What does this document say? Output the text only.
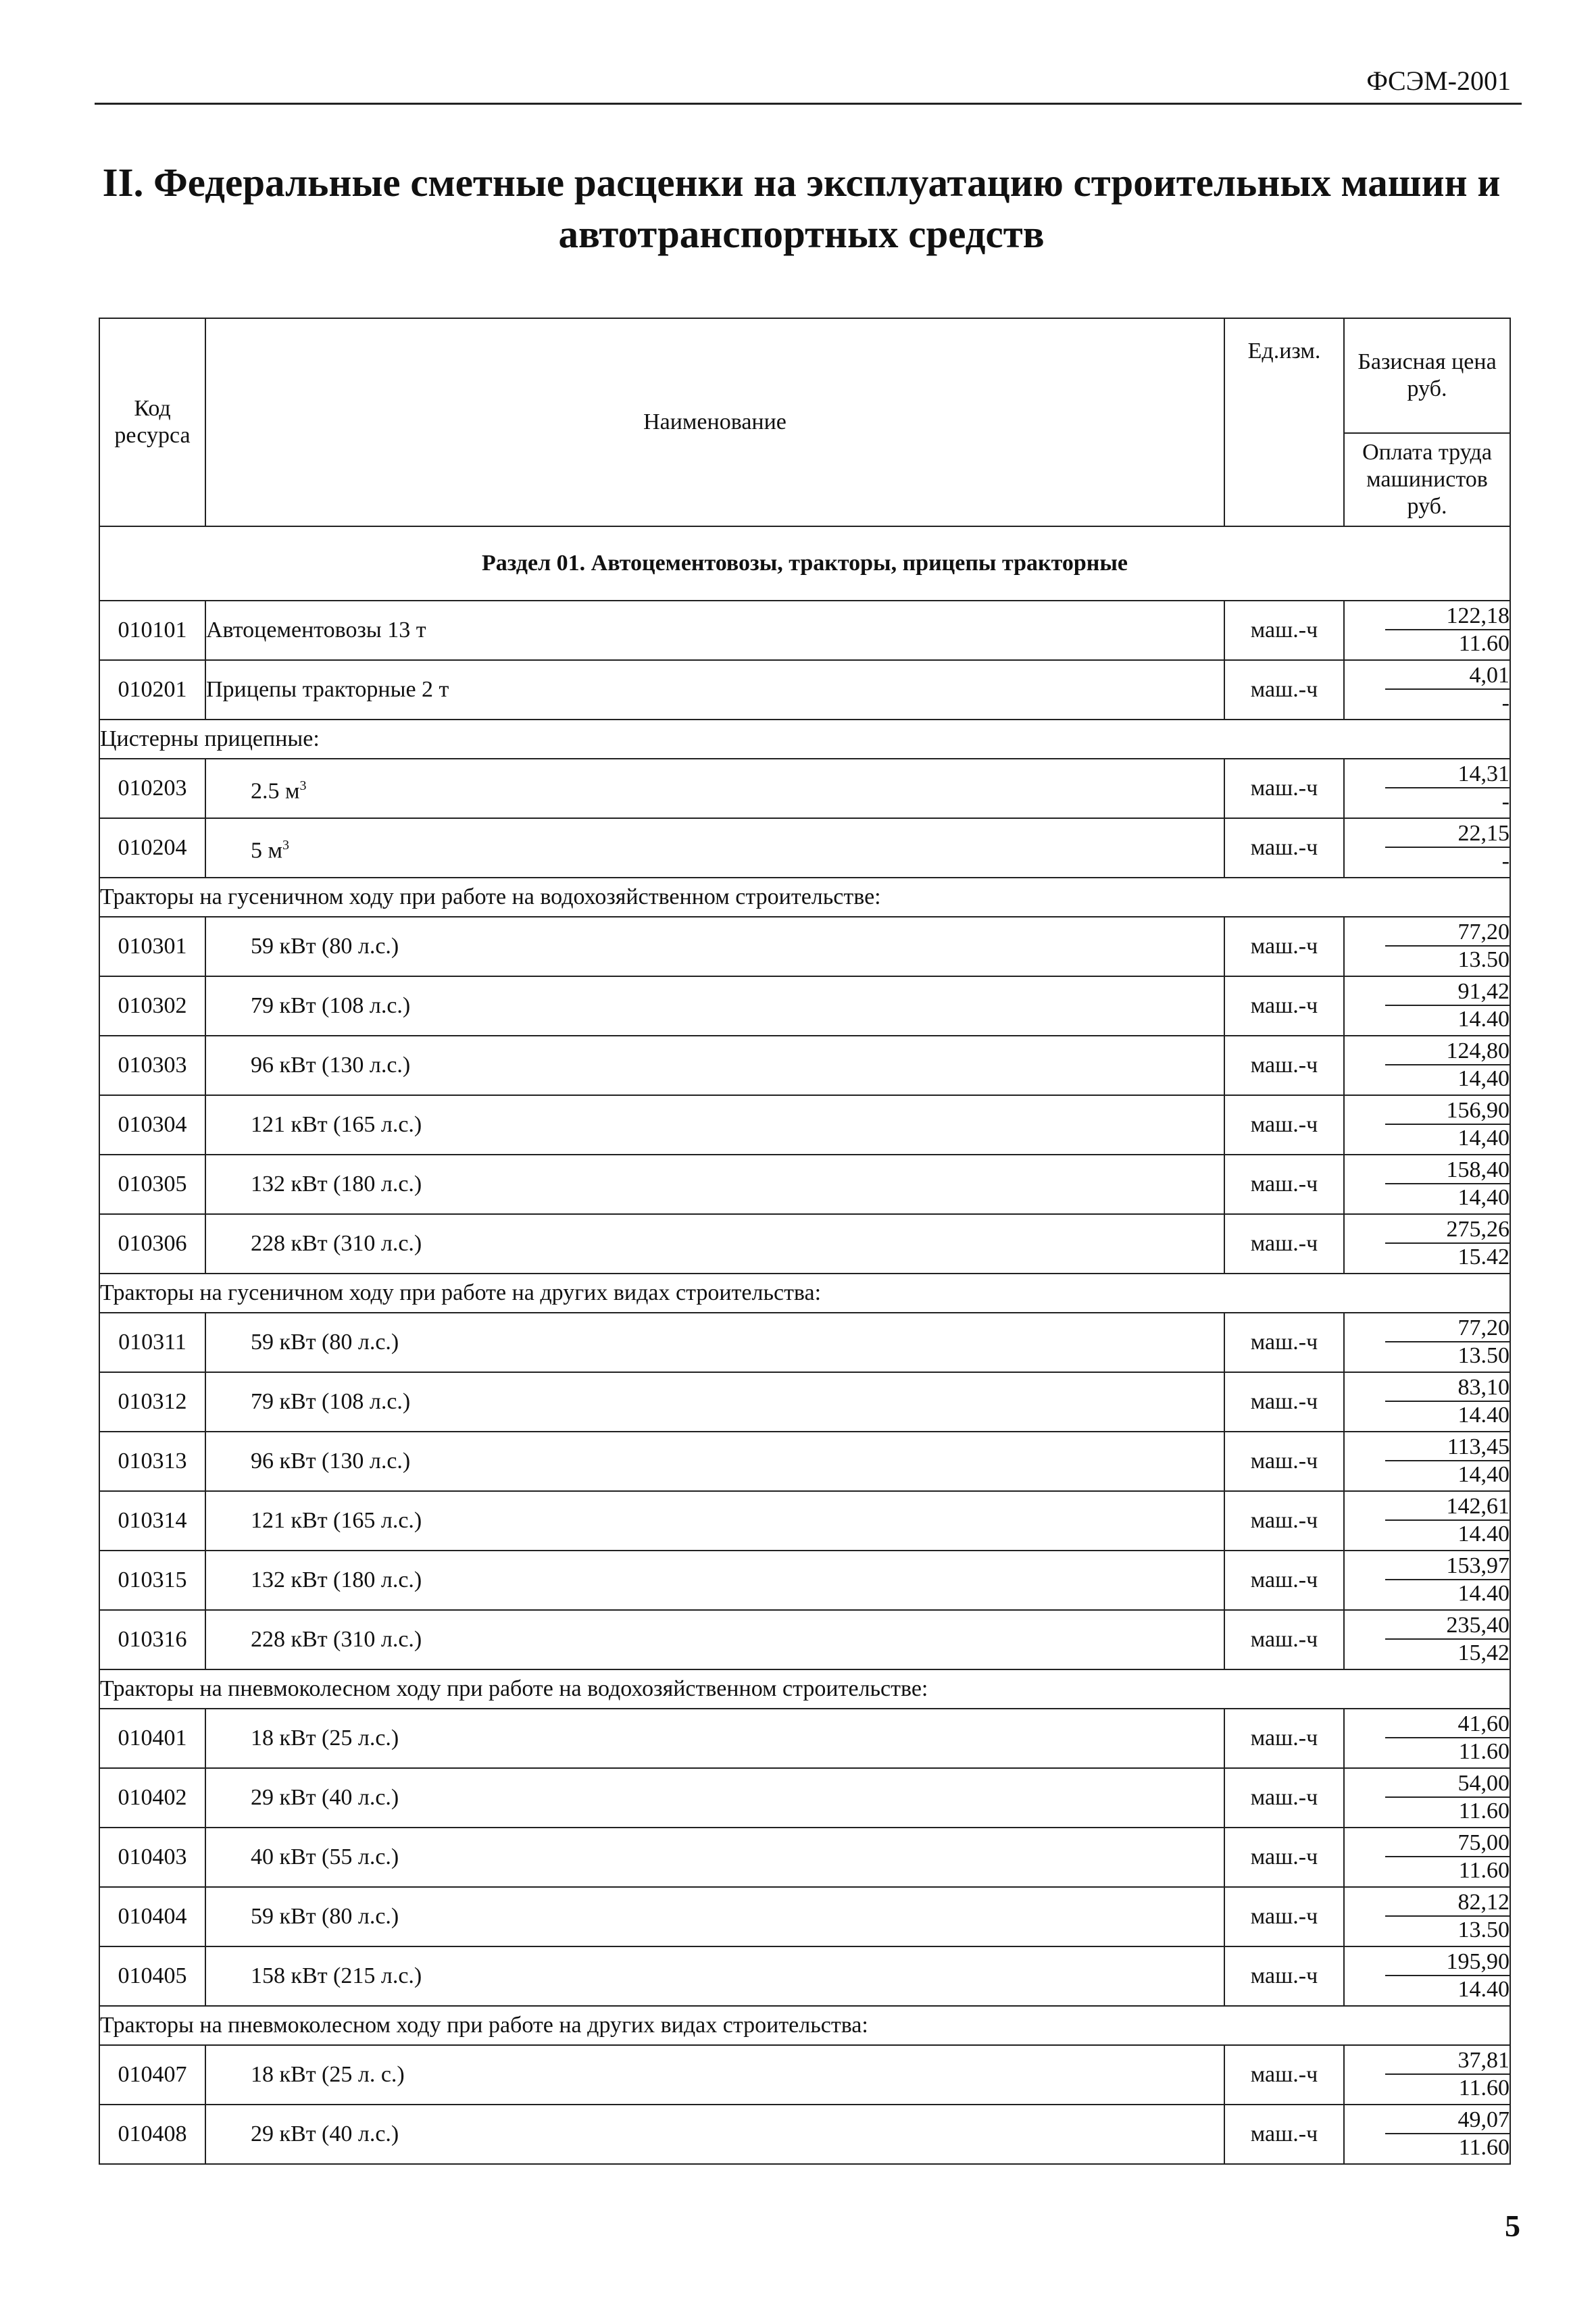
ФСЭМ-2001
II. Федеральные сметные расценки на эксплуатацию строительных машин и
автотранспортных средств
Код ресурса	Наименование	Ед.изм.	Базисная цена руб.
			Оплата труда машинистов руб.
Раздел 01. Автоцементовозы, тракторы, прицепы тракторные			
010101	Автоцементовозы 13 т	маш.-ч	122,18
11.60

010201	Прицепы тракторные 2 т	маш.-ч	4,01
-

Цистерны прицепные:			
010203	2.5 $м^3$	маш.-ч	14,31
-

010204	5 $м^3$	маш.-ч	22,15
-

Тракторы на гусеничном ходу при работе на водохозяйственном строительстве:			
010301	59 кВт (80 л.с.)	маш.-ч	77,20
13.50

010302	79 кВт (108 л.с.)	маш.-ч	91,42
14.40

010303	96 кВт (130 л.с.)	маш.-ч	124,80
14,40

010304	121 кВт (165 л.с.)	маш.-ч	156,90
14,40

010305	132 кВт (180 л.с.)	маш.-ч	158,40
14,40

010306	228 кВт (310 л.с.)	маш.-ч	275,26
15.42

Тракторы на гусеничном ходу при работе на других видах строительства:			
010311	59 кВт (80 л.с.)	маш.-ч	77,20
13.50

010312	79 кВт (108 л.с.)	маш.-ч	83,10
14.40

010313	96 кВт (130 л.с.)	маш.-ч	113,45
14,40

010314	121 кВт (165 л.с.)	маш.-ч	142,61
14.40

010315	132 кВт (180 л.с.)	маш.-ч	153,97
14.40

010316	228 кВт (310 л.с.)	маш.-ч	235,40
15,42

Тракторы на пневмоколесном ходу при работе на водохозяйственном строительстве:			
010401	18 кВт (25 л.с.)	маш.-ч	41,60
11.60

010402	29 кВт (40 л.с.)	маш.-ч	54,00
11.60

010403	40 кВт (55 л.с.)	маш.-ч	75,00
11.60

010404	59 кВт (80 л.с.)	маш.-ч	82,12
13.50

010405	158 кВт (215 л.с.)	маш.-ч	195,90
14.40

Тракторы на пневмоколесном ходу при работе на других видах строительства:			
010407	18 кВт (25 л. с.)	маш.-ч	37,81
11.60

010408	29 кВт (40 л.с.)	маш.-ч	49,07
11.60
5
